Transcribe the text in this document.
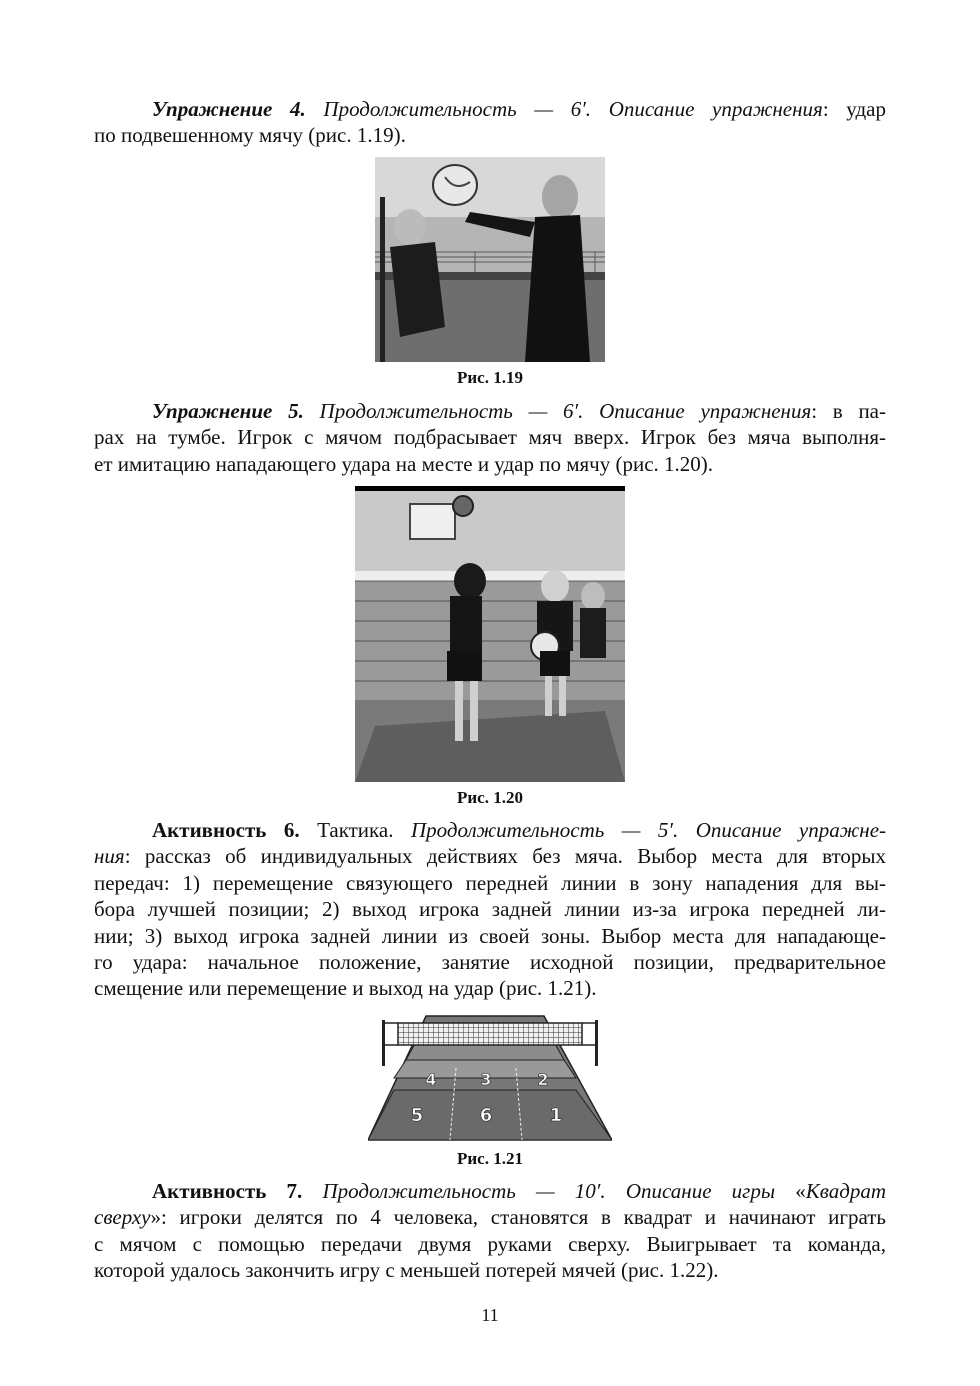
Упражнение 4. Продолжительность — 6′. Описание упражнения: удар
по подвешенному мячу (рис. 1.19).
Рис. 1.19
Упражнение 5. Продолжительность — 6′. Описание упражнения: в па-
рах на тумбе. Игрок с мячом подбрасывает мяч вверх. Игрок без мяча выполня-
ет имитацию нападающего удара на месте и удар по мячу (рис. 1.20).
Рис. 1.20
Активность 6. Тактика. Продолжительность — 5′. Описание упражне-
ния: рассказ об индивидуальных действиях без мяча. Выбор места для вторых
передач: 1) перемещение связующего передней линии в зону нападения для вы-
бора лучшей позиции; 2) выход игрока задней линии из-за игрока передней ли-
нии; 3) выход игрока задней линии из своей зоны. Выбор места для нападающе-
го удара: начальное положение, занятие исходной позиции, предварительное
смещение или перемещение и выход на удар (рис. 1.21).
4	3	2
5	6	1
Рис. 1.21
Активность 7. Продолжительность — 10′. Описание игры «Квадрат
сверху»: игроки делятся по 4 человека, становятся в квадрат и начинают играть
с мячом с помощью передачи двумя руками сверху. Выигрывает та команда,
которой удалось закончить игру с меньшей потерей мячей (рис. 1.22).
11
